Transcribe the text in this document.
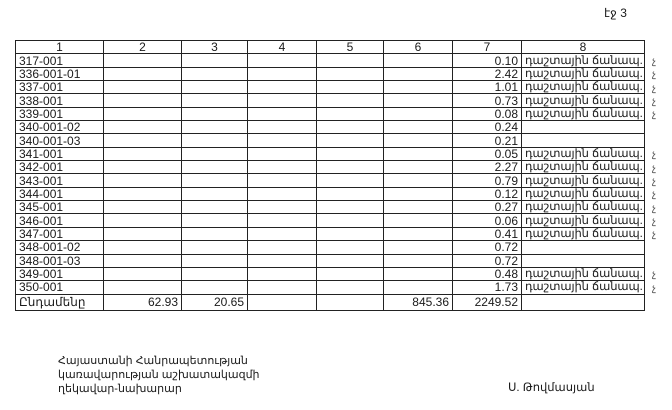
էջ 3
1	2	3	4	5	6	7	8
317-001						0.10	դաշտային ճանապ.
336-001-01						2.42	դաշտային ճանապ.
337-001						1.01	դաշտային ճանապ.
338-001						0.73	դաշտային ճանապ.
339-001						0.08	դաշտային ճանապ.
340-001-02						0.24	
340-001-03						0.21	
341-001						0.05	դաշտային ճանապ.
342-001						2.27	դաշտային ճանապ.
343-001						0.79	դաշտային ճանապ.
344-001						0.12	դաշտային ճանապ.
345-001						0.27	դաշտային ճանապ.
346-001						0.06	դաշտային ճանապ.
347-001						0.41	դաշտային ճանապ.
348-001-02						0.72	
348-001-03						0.72	
349-001						0.48	դաշտային ճանապ.
350-001						1.73	դաշտային ճանապ.
Ընդամենը	62.93	20.65			845.36	2249.52	
Հայաստանի Հանրապետության
կառավարության աշխատակազմի
ղեկավար-նախարար	Ս. Թովմասյան
չ
չ
չ
չ
չ
չ
չ
չ
չ
չ
չ
չ
չ
չ
